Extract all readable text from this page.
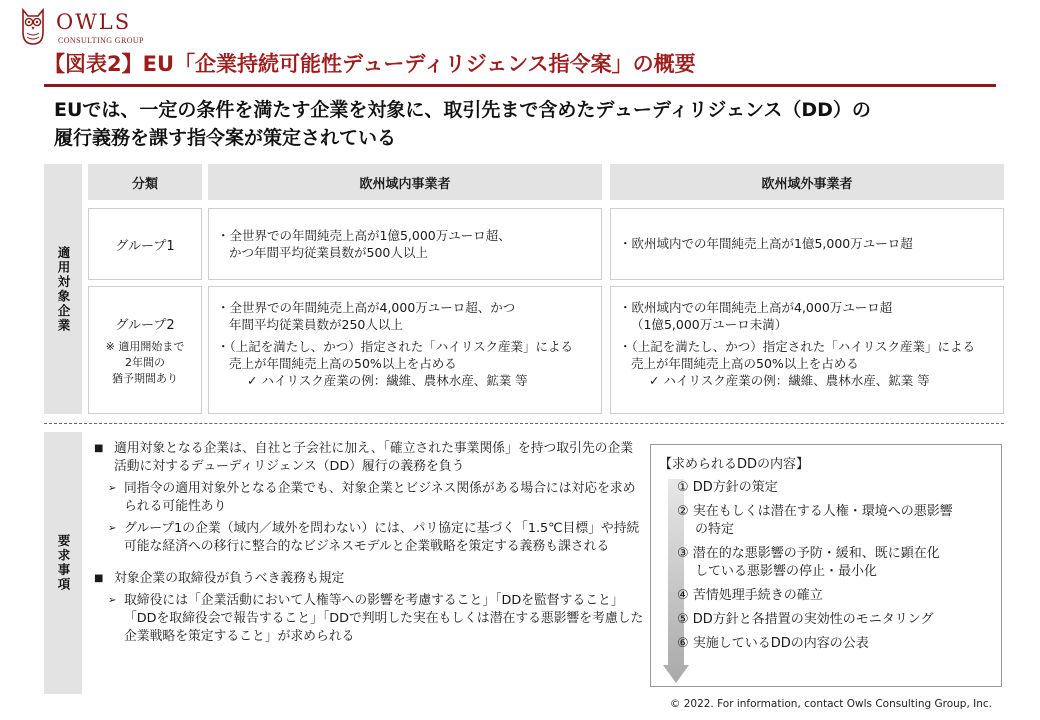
OWLS
CONSULTING GROUP
【図表2】EU「企業持続可能性デューディリジェンス指令案」の概要
EUでは、一定の条件を満たす企業を対象に、取引先まで含めたデューディリジェンス（DD）の
履行義務を課す指令案が策定されている
適用対象企業
分類	欧州域内事業者	欧州域外事業者
グループ1
・全世界での年間純売上高が1億5,000万ユーロ超、
かつ年間平均従業員数が500人以上
・欧州域内での年間純売上高が1億5,000万ユーロ超
グループ2
※ 適用開始まで
2年間の
猶予期間あり
・全世界での年間純売上高が4,000万ユーロ超、かつ
年間平均従業員数が250人以上
・（上記を満たし、かつ）指定された「ハイリスク産業」による
売上が年間純売上高の50%以上を占める
✓ ハイリスク産業の例：繊維、農林水産、鉱業 等
・欧州域内での年間純売上高が4,000万ユーロ超
（1億5,000万ユーロ未満）
・（上記を満たし、かつ）指定された「ハイリスク産業」による
売上が年間純売上高の50%以上を占める
✓ ハイリスク産業の例：繊維、農林水産、鉱業 等
要求事項
■ 適用対象となる企業は、自社と子会社に加え、「確立された事業関係」を持つ取引先の企業活動に対するデューディリジェンス（DD）履行の義務を負う
➢ 同指令の適用対象外となる企業でも、対象企業とビジネス関係がある場合には対応を求められる可能性あり
➢ グループ1の企業（域内／域外を問わない）には、パリ協定に基づく「1.5℃目標」や持続可能な経済への移行に整合的なビジネスモデルと企業戦略を策定する義務も課される
■ 対象企業の取締役が負うべき義務も規定
➢ 取締役には「企業活動において人権等への影響を考慮すること」「DDを監督すること」「DDを取締役会で報告すること」「DDで判明した実在もしくは潜在する悪影響を考慮した企業戦略を策定すること」が求められる
【求められるDDの内容】
① DD方針の策定
② 実在もしくは潜在する人権・環境への悪影響
の特定
③ 潜在的な悪影響の予防・緩和、既に顕在化
している悪影響の停止・最小化
④ 苦情処理手続きの確立
⑤ DD方針と各措置の実効性のモニタリング
⑥ 実施しているDDの内容の公表
© 2022. For information, contact Owls Consulting Group, Inc.
